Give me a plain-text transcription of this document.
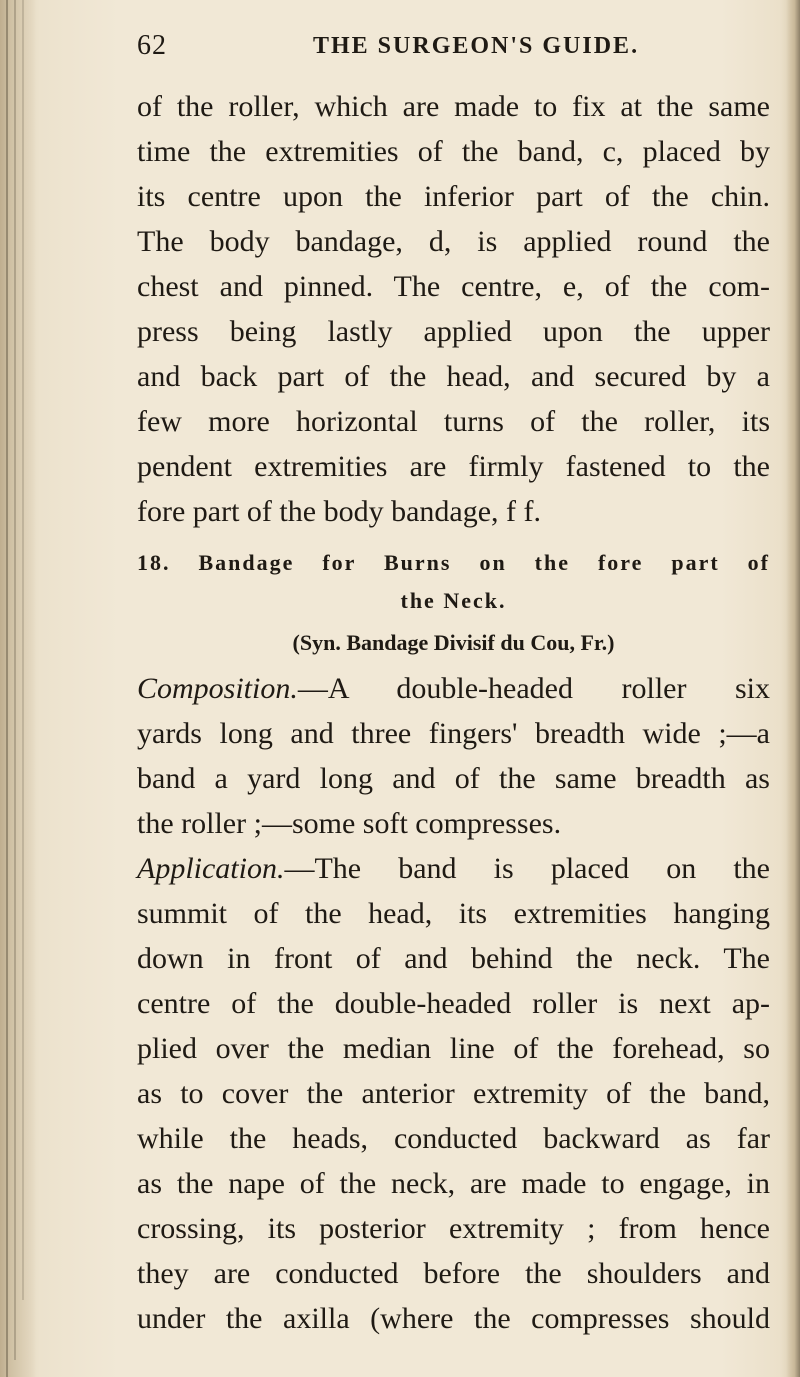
62	THE SURGEON'S GUIDE.
of the roller, which are made to fix at the same
time the extremities of the band, c, placed by
its centre upon the inferior part of the chin.
The body bandage, d, is applied round the
chest and pinned. The centre, e, of the com-
press being lastly applied upon the upper
and back part of the head, and secured by a
few more horizontal turns of the roller, its
pendent extremities are firmly fastened to the
fore part of the body bandage, f f.
18. Bandage for Burns on the fore part of
the Neck.
(Syn. Bandage Divisif du Cou, Fr.)
Composition.—A double-headed roller six
yards long and three fingers' breadth wide ;—a
band a yard long and of the same breadth as
the roller ;—some soft compresses.
Application.—The band is placed on the
summit of the head, its extremities hanging
down in front of and behind the neck. The
centre of the double-headed roller is next ap-
plied over the median line of the forehead, so
as to cover the anterior extremity of the band,
while the heads, conducted backward as far
as the nape of the neck, are made to engage, in
crossing, its posterior extremity ; from hence
they are conducted before the shoulders and
under the axilla (where the compresses should
